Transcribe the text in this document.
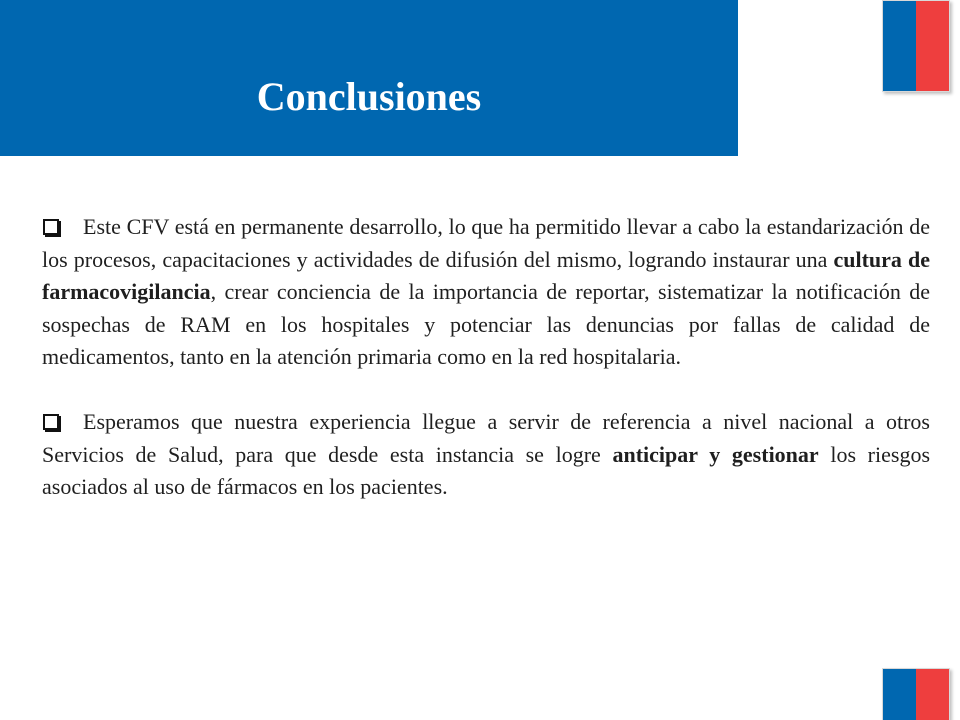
Conclusiones

Este CFV está en permanente desarrollo, lo que ha permitido llevar a cabo la estandarización de los procesos, capacitaciones y actividades de difusión del mismo, logrando instaurar una cultura de farmacovigilancia, crear conciencia de la importancia de reportar, sistematizar la notificación de sospechas de RAM en los hospitales y potenciar las denuncias por fallas de calidad de medicamentos, tanto en la atención primaria como en la red hospitalaria.

Esperamos que nuestra experiencia llegue a servir de referencia a nivel nacional a otros Servicios de Salud, para que desde esta instancia se logre anticipar y gestionar los riesgos asociados al uso de fármacos en los pacientes.
